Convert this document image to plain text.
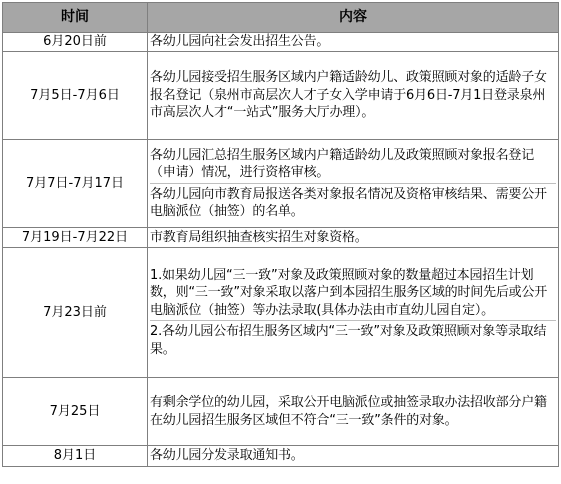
时间	内容
6月20日前	各幼儿园向社会发出招生公告。

7月5日-7月6日	各幼儿园接受招生服务区域内户籍适龄幼儿、政策照顾对象的适龄子女报名登记（泉州市高层次人才子女入学申请于6月6日-7月1日登录泉州市高层次人才“一站式”服务大厅办理）。

7月7日-7月17日	各幼儿园汇总招生服务区域内户籍适龄幼儿及政策照顾对象报名登记（申请）情况，进行资格审核。
各幼儿园向市教育局报送各类对象报名情况及资格审核结果、需要公开电脑派位（抽签）的名单。

7月19日-7月22日	市教育局组织抽查核实招生对象资格。

7月23日前	1.如果幼儿园“三一致”对象及政策照顾对象的数量超过本园招生计划数，则“三一致”对象采取以落户到本园招生服务区域的时间先后或公开电脑派位（抽签）等办法录取(具体办法由市直幼儿园自定）。
2.各幼儿园公布招生服务区域内“三一致”对象及政策照顾对象等录取结果。

7月25日	有剩余学位的幼儿园，采取公开电脑派位或抽签录取办法招收部分户籍在幼儿园招生服务区域但不符合“三一致”条件的对象。

8月1日	各幼儿园分发录取通知书。
